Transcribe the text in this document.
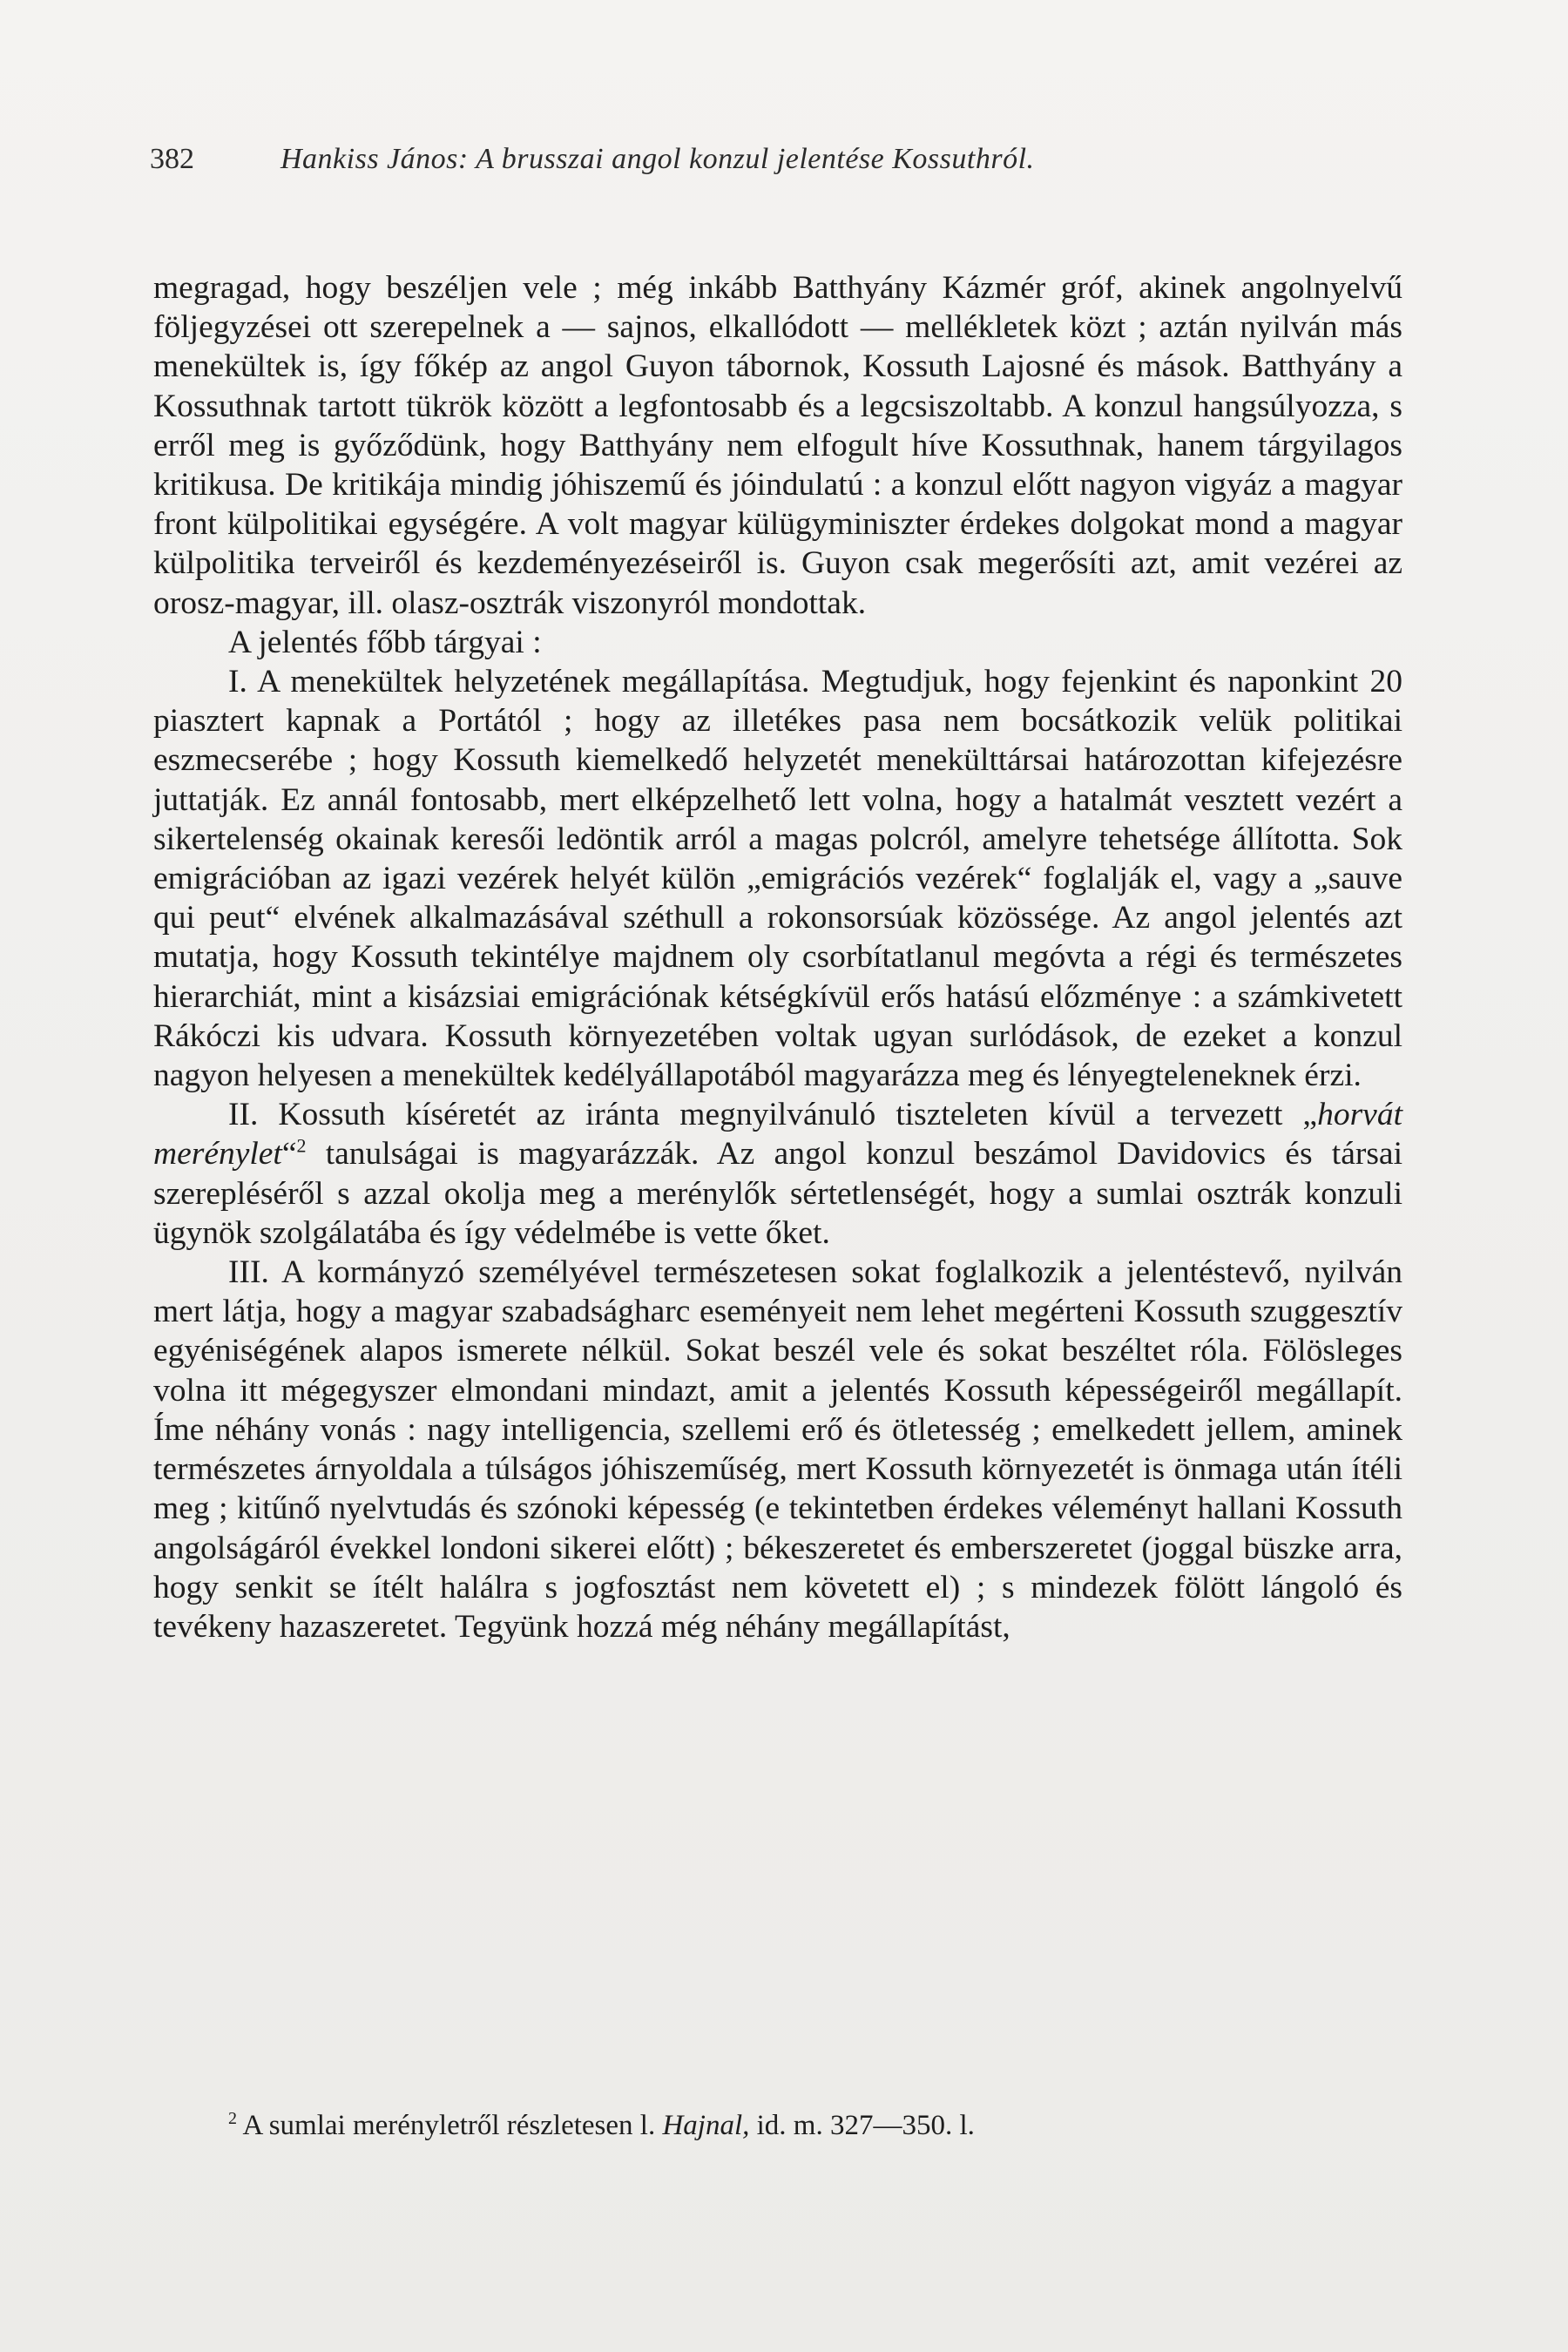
382	Hankiss János: A brusszai angol konzul jelentése Kossuthról.

megragad, hogy beszéljen vele ; még inkább Batthyány Kázmér gróf, akinek angolnyelvű följegyzései ott szerepelnek a — sajnos, elkallódott — mellékletek közt ; aztán nyilván más menekültek is, így főkép az angol Guyon tábornok, Kossuth Lajosné és mások. Batthyány a Kossuthnak tartott tükrök között a legfontosabb és a legcsiszoltabb. A konzul hangsúlyozza, s erről meg is győződünk, hogy Batthyány nem elfogult híve Kossuthnak, hanem tárgyilagos kritikusa. De kritikája mindig jóhiszemű és jóindulatú : a konzul előtt nagyon vigyáz a magyar front külpolitikai egységére. A volt magyar külügyminiszter érdekes dolgokat mond a magyar külpolitika terveiről és kezdeményezéseiről is. Guyon csak megerősíti azt, amit vezérei az orosz-magyar, ill. olasz-osztrák viszonyról mondottak.

A jelentés főbb tárgyai :

I. A menekültek helyzetének megállapítása. Megtudjuk, hogy fejenkint és naponkint 20 piasztert kapnak a Portától ; hogy az illetékes pasa nem bocsátkozik velük politikai eszmecserébe ; hogy Kossuth kiemelkedő helyzetét menekülttársai határozottan kifejezésre juttatják. Ez annál fontosabb, mert elképzelhető lett volna, hogy a hatalmát vesztett vezért a sikertelenség okainak keresői ledöntik arról a magas polcról, amelyre tehetsége állította. Sok emigrációban az igazi vezérek helyét külön „emigrációs vezérek“ foglalják el, vagy a „sauve qui peut“ elvének alkalmazásával széthull a rokonsorsúak közössége. Az angol jelentés azt mutatja, hogy Kossuth tekintélye majdnem oly csorbítatlanul megóvta a régi és természetes hierarchiát, mint a kisázsiai emigrációnak kétségkívül erős hatású előzménye : a számkivetett Rákóczi kis udvara. Kossuth környezetében voltak ugyan surlódások, de ezeket a konzul nagyon helyesen a menekültek kedélyállapotából magyarázza meg és lényegteleneknek érzi.

II. Kossuth kíséretét az iránta megnyilvánuló tiszteleten kívül a tervezett „horvát merénylet“$^2$ tanulságai is magyarázzák. Az angol konzul beszámol Davidovics és társai szerepléséről s azzal okolja meg a merénylők sértetlenségét, hogy a sumlai osztrák konzuli ügynök szolgálatába és így védelmébe is vette őket.

III. A kormányzó személyével természetesen sokat foglalkozik a jelentéstevő, nyilván mert látja, hogy a magyar szabadságharc eseményeit nem lehet megérteni Kossuth szuggesztív egyéniségének alapos ismerete nélkül. Sokat beszél vele és sokat beszéltet róla. Fölösleges volna itt mégegyszer elmondani mindazt, amit a jelentés Kossuth képességeiről megállapít. Íme néhány vonás : nagy intelligencia, szellemi erő és ötletesség ; emelkedett jellem, aminek természetes árnyoldala a túlságos jóhiszeműség, mert Kossuth környezetét is önmaga után ítéli meg ; kitűnő nyelvtudás és szónoki képesség (e tekintetben érdekes véleményt hallani Kossuth angolságáról évekkel londoni sikerei előtt) ; békeszeretet és emberszeretet (joggal büszke arra, hogy senkit se ítélt halálra s jogfosztást nem követett el) ; s mindezek fölött lángoló és tevékeny hazaszeretet. Tegyünk hozzá még néhány megállapítást,

$^2$ A sumlai merényletről részletesen l. Hajnal, id. m. 327—350. l.
